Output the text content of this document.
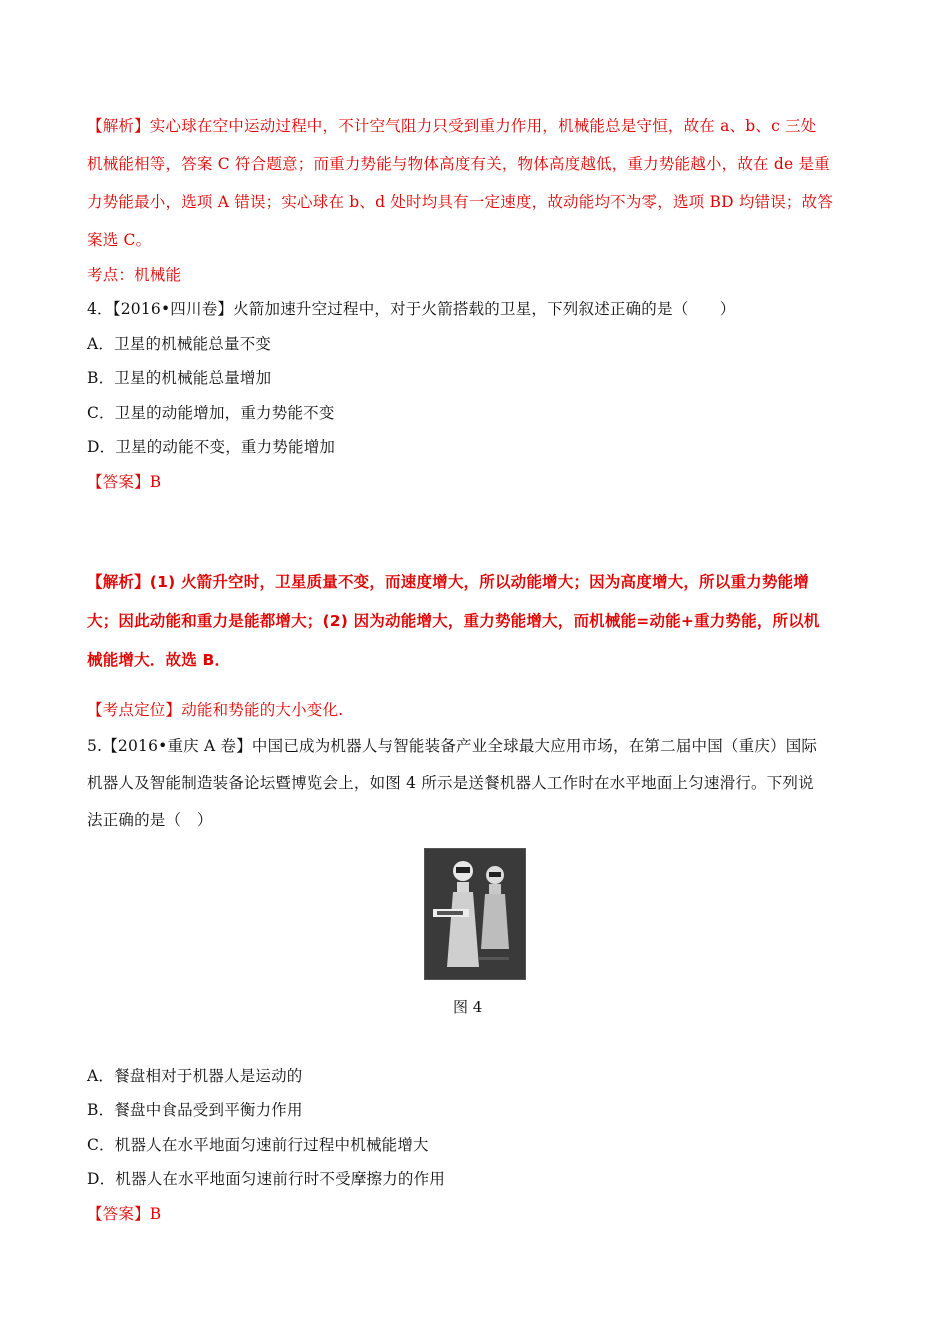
【解析】实心球在空中运动过程中，不计空气阻力只受到重力作用，机械能总是守恒，故在 a、b、c 三处
机械能相等，答案 C 符合题意；而重力势能与物体高度有关，物体高度越低，重力势能越小，故在 de 是重
力势能最小，选项 A 错误；实心球在 b、d 处时均具有一定速度，故动能均不为零，选项 BD 均错误；故答
案选 C。
考点：机械能
4．【2016•四川卷】火箭加速升空过程中，对于火箭搭载的卫星，下列叙述正确的是（　　）
A．卫星的机械能总量不变
B．卫星的机械能总量增加
C．卫星的动能增加，重力势能不变
D．卫星的动能不变，重力势能增加
【答案】B
【解析】(1) 火箭升空时，卫星质量不变，而速度增大，所以动能增大；因为高度增大，所以重力势能增
大；因此动能和重力是能都增大；(2) 因为动能增大，重力势能增大，而机械能=动能+重力势能，所以机
械能增大．故选 B．
【考点定位】动能和势能的大小变化.
5.【2016•重庆 A 卷】中国已成为机器人与智能装备产业全球最大应用市场，在第二届中国（重庆）国际
机器人及智能制造装备论坛暨博览会上，如图 4 所示是送餐机器人工作时在水平地面上匀速滑行。下列说
法正确的是（　）
图 4
A．餐盘相对于机器人是运动的
B．餐盘中食品受到平衡力作用
C．机器人在水平地面匀速前行过程中机械能增大
D．机器人在水平地面匀速前行时不受摩擦力的作用
【答案】B
